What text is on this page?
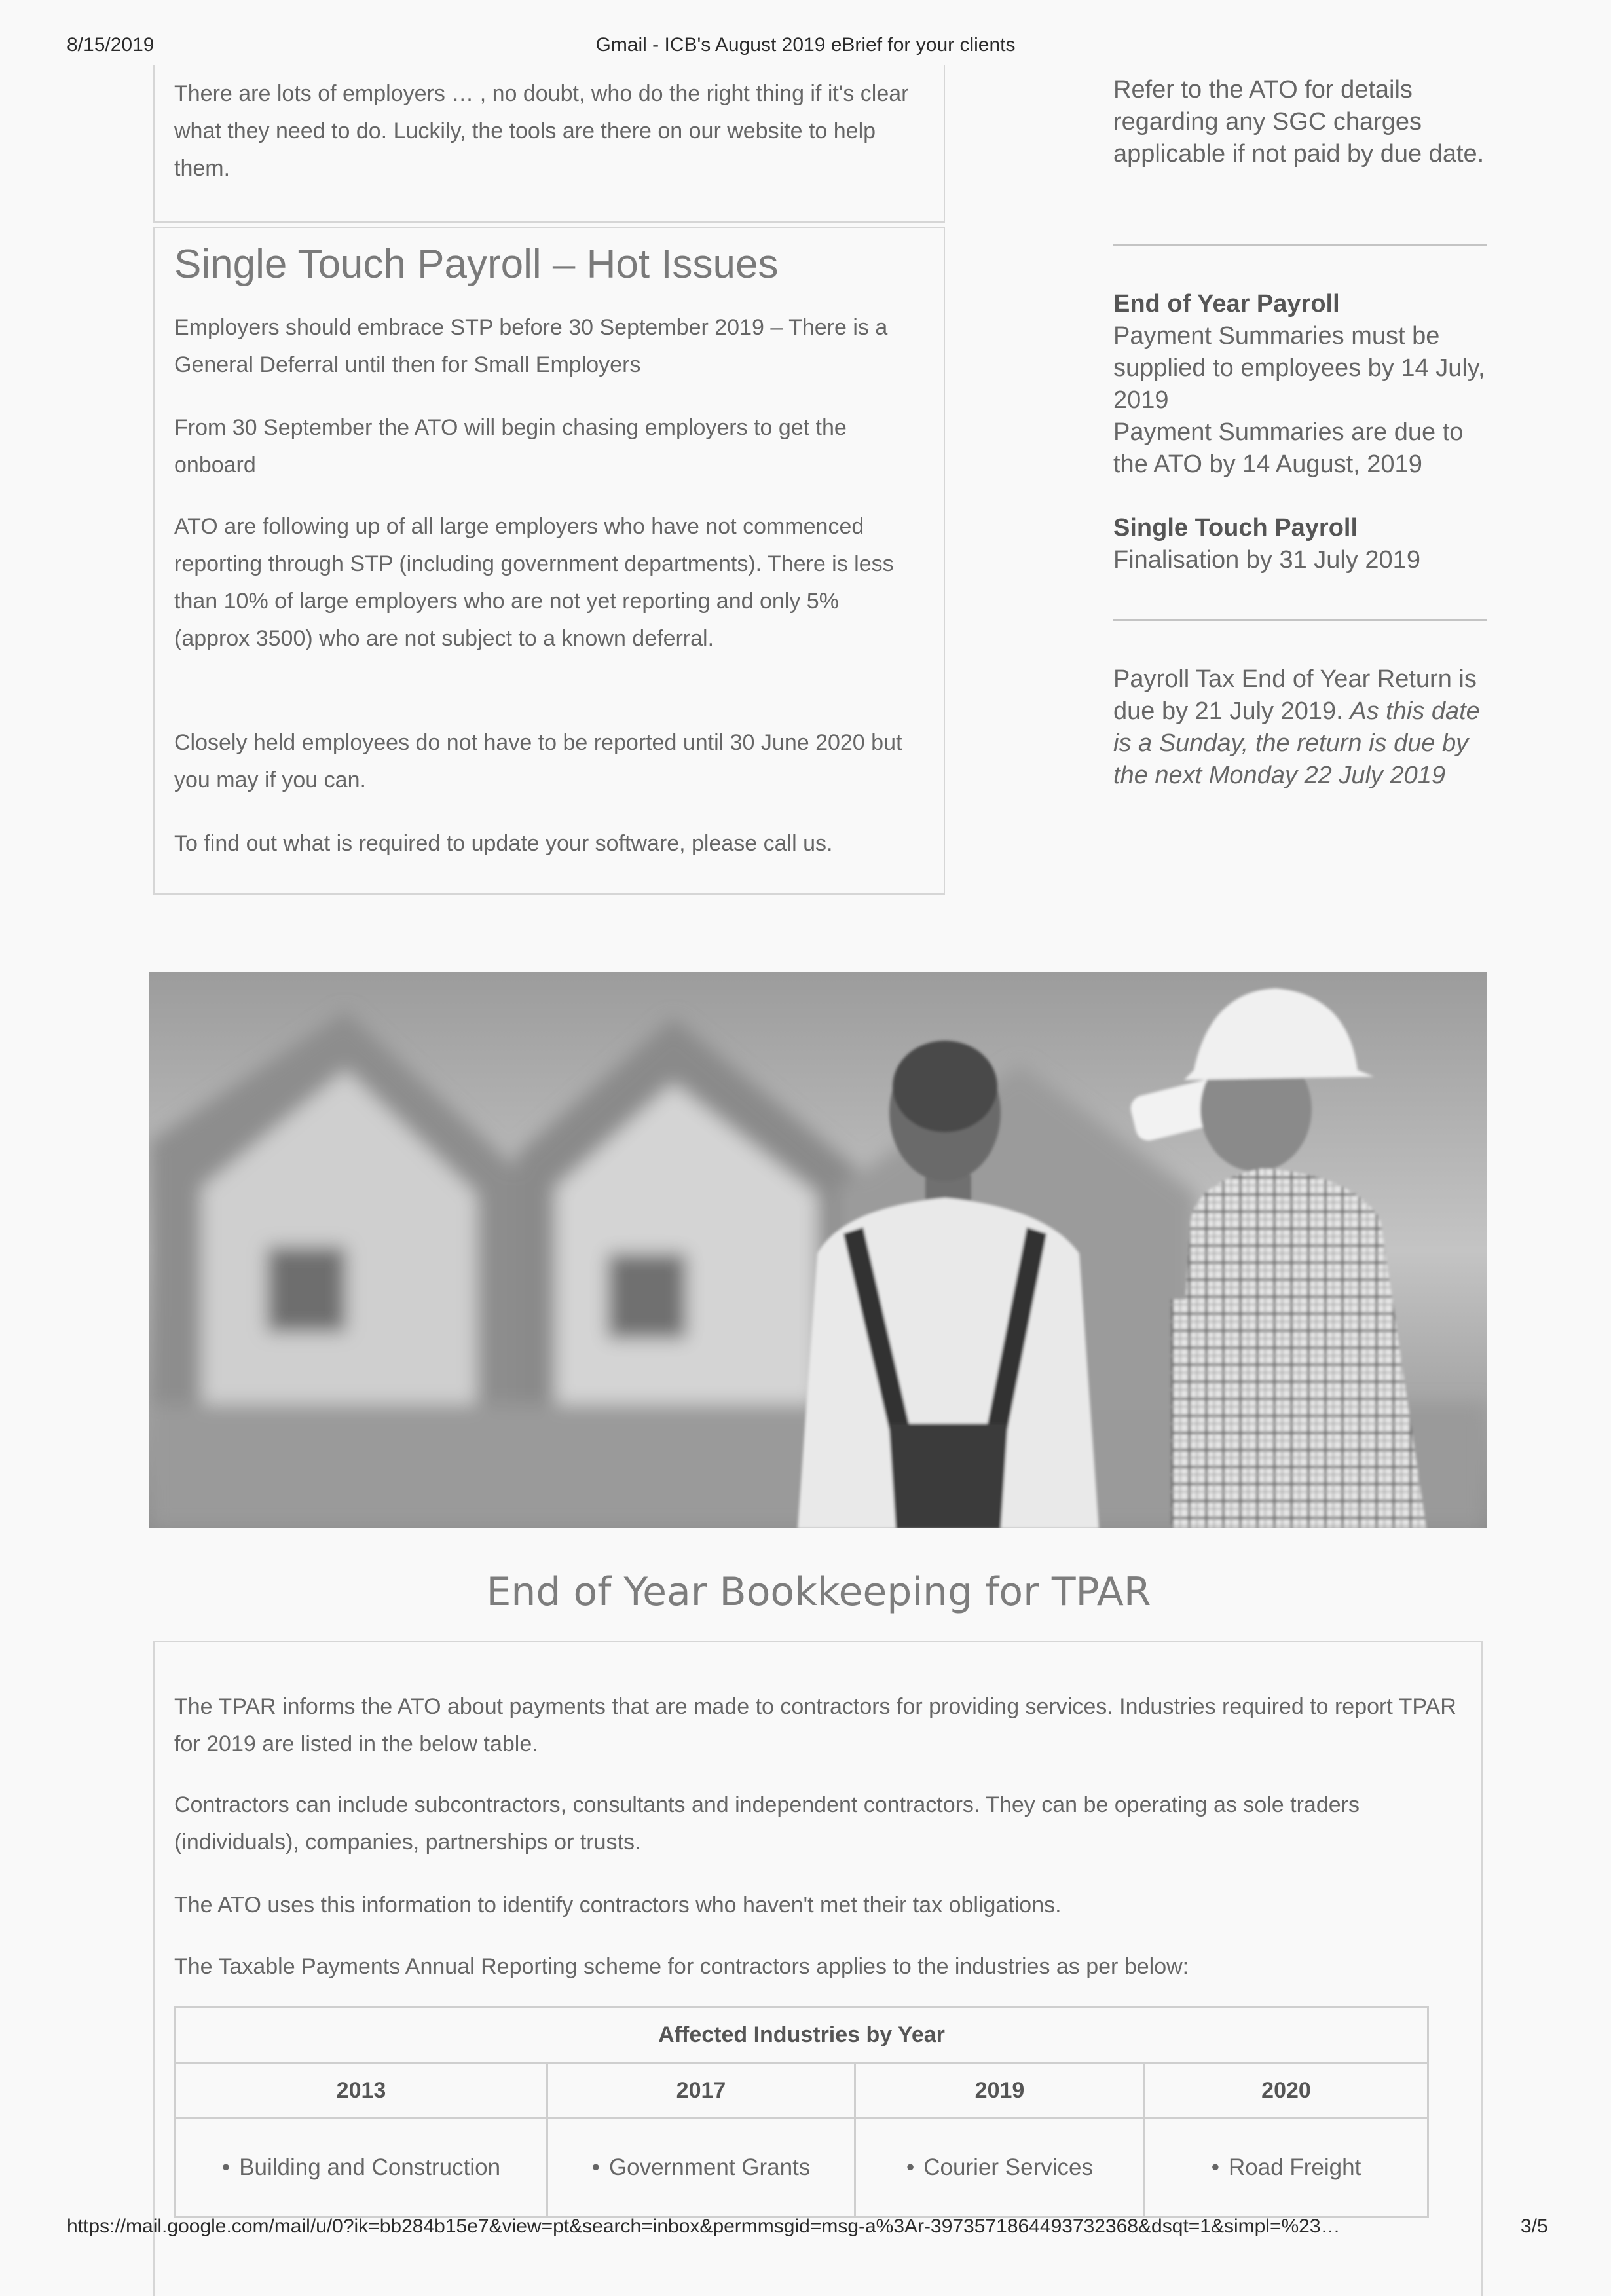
8/15/2019	Gmail - ICB's August 2019 eBrief for your clients

There are lots of employers … , no doubt, who do the right thing if it's clear what they need to do. Luckily, the tools are there on our website to help them.

Single Touch Payroll – Hot Issues

Employers should embrace STP before 30 September 2019 – There is a General Deferral until then for Small Employers

From 30 September the ATO will begin chasing employers to get the onboard

ATO are following up of all large employers who have not commenced reporting through STP (including government departments). There is less than 10% of large employers who are not yet reporting and only 5% (approx 3500) who are not subject to a known deferral.

Closely held employees do not have to be reported until 30 June 2020 but you may if you can.

To find out what is required to update your software, please call us.

Refer to the ATO for details regarding any SGC charges applicable if not paid by due date.
End of Year Payroll
Payment Summaries must be supplied to employees by 14 July, 2019
Payment Summaries are due to the ATO by 14 August, 2019
Single Touch Payroll
Finalisation by 31 July 2019
Payroll Tax End of Year Return is due by 21 July 2019. As this date is a Sunday, the return is due by the next Monday 22 July 2019
End of Year Bookkeeping for TPAR

The TPAR informs the ATO about payments that are made to contractors for providing services. Industries required to report TPAR for 2019 are listed in the below table.

Contractors can include subcontractors, consultants and independent contractors. They can be operating as sole traders (individuals), companies, partnerships or trusts.

The ATO uses this information to identify contractors who haven't met their tax obligations.

The Taxable Payments Annual Reporting scheme for contractors applies to the industries as per below:

Affected Industries by Year			
2013	2017	2019	2020
• Building and Construction	• Government Grants	• Courier Services	• Road Freight
https://mail.google.com/mail/u/0?ik=bb284b15e7&view=pt&search=inbox&permmsgid=msg-a%3Ar-3973571864493732368&dsqt=1&simpl=%23…	3/5
